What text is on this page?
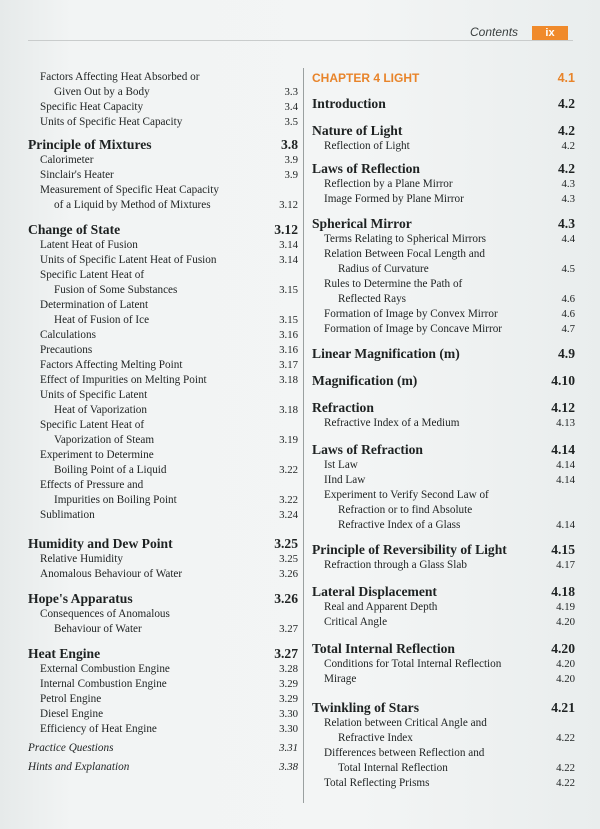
Contents	ix
Factors Affecting Heat Absorbed or
Given Out by a Body	3.3
Specific Heat Capacity	3.4
Units of Specific Heat Capacity	3.5
Principle of Mixtures	3.8
Calorimeter	3.9
Sinclair's Heater	3.9
Measurement of Specific Heat Capacity
of a Liquid by Method of Mixtures	3.12
Change of State	3.12
Latent Heat of Fusion	3.14
Units of Specific Latent Heat of Fusion	3.14
Specific Latent Heat of
Fusion of Some Substances	3.15
Determination of Latent
Heat of Fusion of Ice	3.15
Calculations	3.16
Precautions	3.16
Factors Affecting Melting Point	3.17
Effect of Impurities on Melting Point	3.18
Units of Specific Latent
Heat of Vaporization	3.18
Specific Latent Heat of
Vaporization of Steam	3.19
Experiment to Determine
Boiling Point of a Liquid	3.22
Effects of Pressure and
Impurities on Boiling Point	3.22
Sublimation	3.24
Humidity and Dew Point	3.25
Relative Humidity	3.25
Anomalous Behaviour of Water	3.26
Hope's Apparatus	3.26
Consequences of Anomalous
Behaviour of Water	3.27
Heat Engine	3.27
External Combustion Engine	3.28
Internal Combustion Engine	3.29
Petrol Engine	3.29
Diesel Engine	3.30
Efficiency of Heat Engine	3.30
Practice Questions	3.31
Hints and Explanation	3.38
CHAPTER 4 LIGHT	4.1
Introduction	4.2
Nature of Light	4.2
Reflection of Light	4.2
Laws of Reflection	4.2
Reflection by a Plane Mirror	4.3
Image Formed by Plane Mirror	4.3
Spherical Mirror	4.3
Terms Relating to Spherical Mirrors	4.4
Relation Between Focal Length and
Radius of Curvature	4.5
Rules to Determine the Path of
Reflected Rays	4.6
Formation of Image by Convex Mirror	4.6
Formation of Image by Concave Mirror	4.7
Linear Magnification (m)	4.9
Magnification (m)	4.10
Refraction	4.12
Refractive Index of a Medium	4.13
Laws of Refraction	4.14
Ist Law	4.14
IInd Law	4.14
Experiment to Verify Second Law of
Refraction or to find Absolute
Refractive Index of a Glass	4.14
Principle of Reversibility of Light	4.15
Refraction through a Glass Slab	4.17
Lateral Displacement	4.18
Real and Apparent Depth	4.19
Critical Angle	4.20
Total Internal Reflection	4.20
Conditions for Total Internal Reflection	4.20
Mirage	4.20
Twinkling of Stars	4.21
Relation between Critical Angle and
Refractive Index	4.22
Differences between Reflection and
Total Internal Reflection	4.22
Total Reflecting Prisms	4.22
